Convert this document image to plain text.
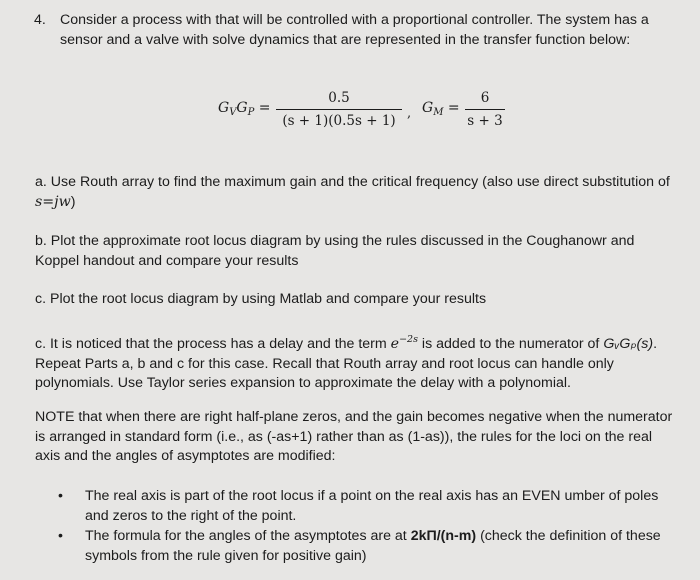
4. Consider a process with that will be controlled with a proportional controller. The system has a sensor and a valve with solve dynamics that are represented in the transfer function below:
$G_VG_P$ =
0.5
(s + 1)(0.5s + 1) , $G_M$ =
6
s + 3
a. Use Routh array to find the maximum gain and the critical frequency (also use direct substitution of s=jw)
b. Plot the approximate root locus diagram by using the rules discussed in the Coughanowr and Koppel handout and compare your results
c. Plot the root locus diagram by using Matlab and compare your results
c. It is noticed that the process has a delay and the term $e^{-2s}$ is added to the numerator of GᵥGₚ(s). Repeat Parts a, b and c for this case. Recall that Routh array and root locus can handle only polynomials. Use Taylor series expansion to approximate the delay with a polynomial.
NOTE that when there are right half-plane zeros, and the gain becomes negative when the numerator is arranged in standard form (i.e., as (-as+1) rather than as (1-as)), the rules for the loci on the real axis and the angles of asymptotes are modified:
• The real axis is part of the root locus if a point on the real axis has an EVEN umber of poles and zeros to the right of the point.
• The formula for the angles of the asymptotes are at 2kΠ/(n-m) (check the definition of these symbols from the rule given for positive gain)
